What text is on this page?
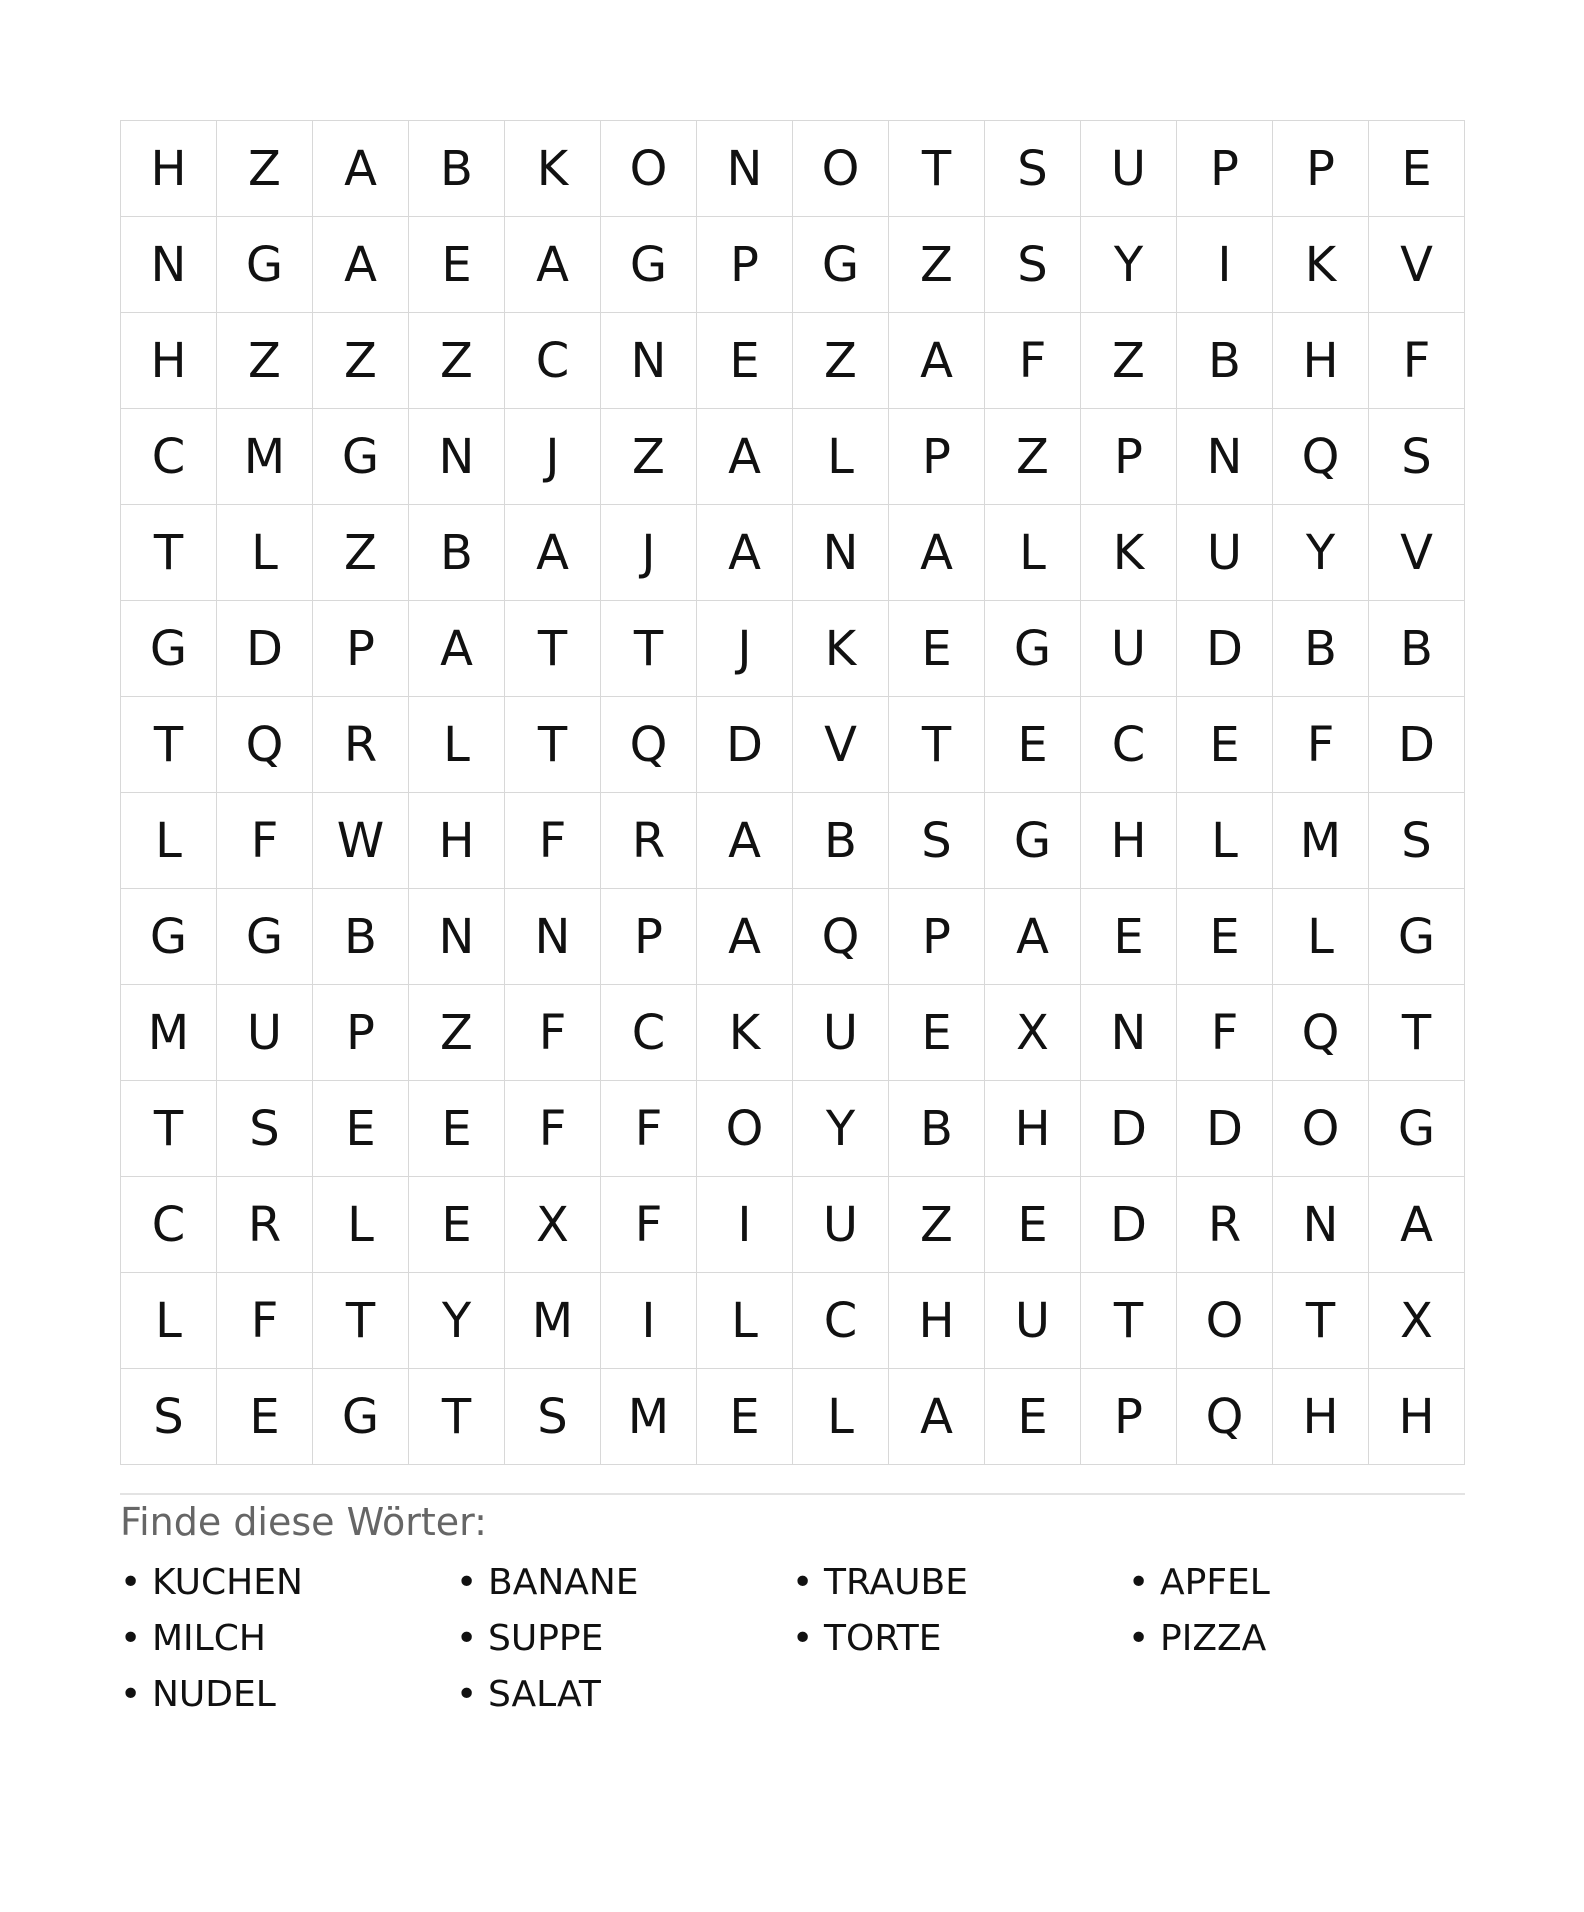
H	Z	A	B	K	O	N	O	T	S	U	P	P	E
N	G	A	E	A	G	P	G	Z	S	Y	I	K	V
H	Z	Z	Z	C	N	E	Z	A	F	Z	B	H	F
C	M	G	N	J	Z	A	L	P	Z	P	N	Q	S
T	L	Z	B	A	J	A	N	A	L	K	U	Y	V
G	D	P	A	T	T	J	K	E	G	U	D	B	B
T	Q	R	L	T	Q	D	V	T	E	C	E	F	D
L	F	W	H	F	R	A	B	S	G	H	L	M	S
G	G	B	N	N	P	A	Q	P	A	E	E	L	G
M	U	P	Z	F	C	K	U	E	X	N	F	Q	T
T	S	E	E	F	F	O	Y	B	H	D	D	O	G
C	R	L	E	X	F	I	U	Z	E	D	R	N	A
L	F	T	Y	M	I	L	C	H	U	T	O	T	X
S	E	G	T	S	M	E	L	A	E	P	Q	H	H
Finde diese Wörter:
• KUCHEN	• BANANE	• TRAUBE	• APFEL
• MILCH	• SUPPE	• TORTE	• PIZZA
• NUDEL	• SALAT
